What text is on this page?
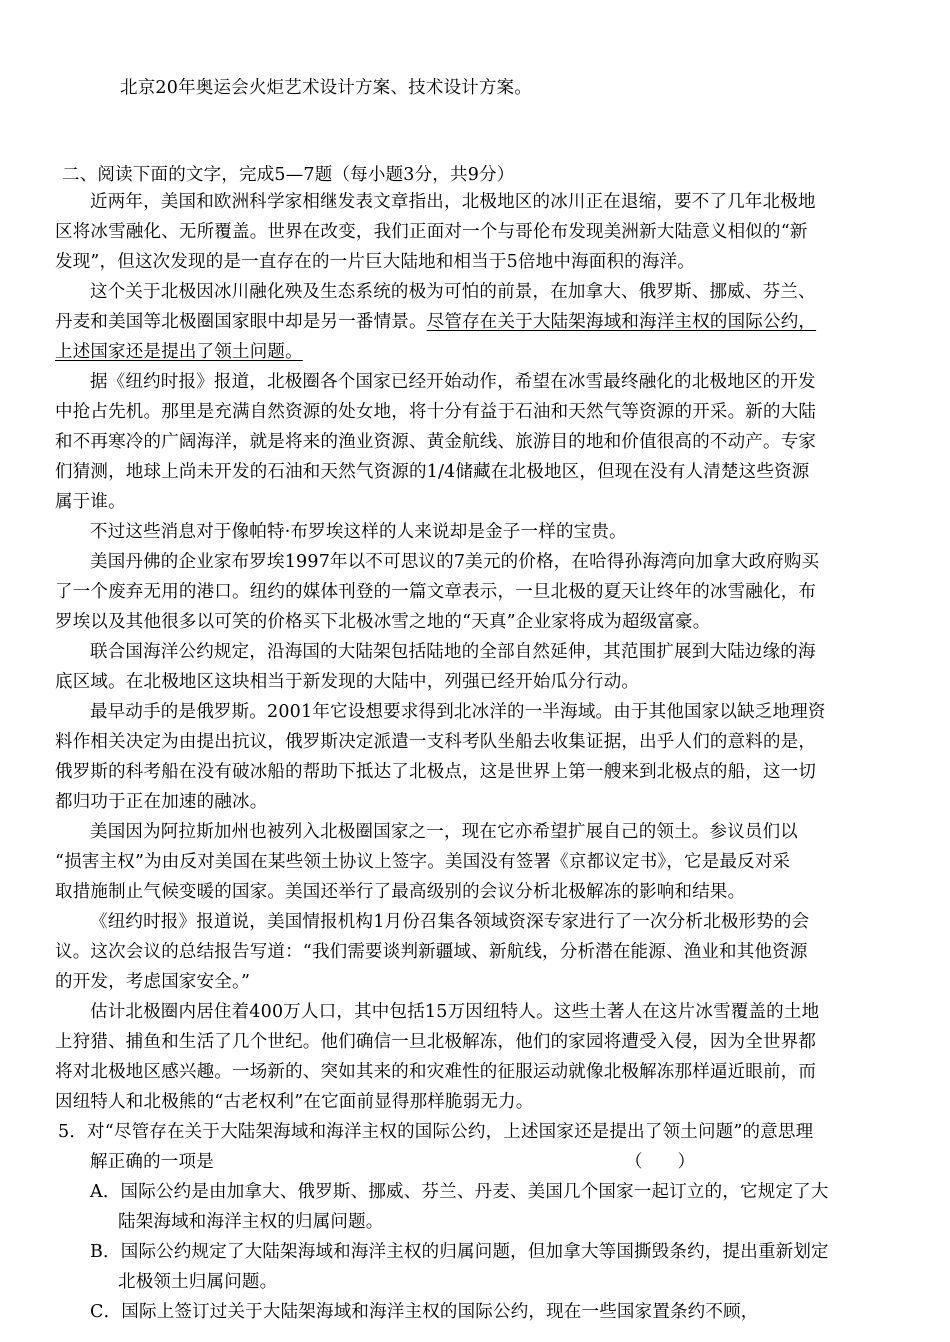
北京20年奥运会火炬艺术设计方案、技术设计方案。
二、阅读下面的文字，完成5—7题（每小题3分，共9分）
近两年，美国和欧洲科学家相继发表文章指出，北极地区的冰川正在退缩，要不了几年北极地
区将冰雪融化、无所覆盖。世界在改变，我们正面对一个与哥伦布发现美洲新大陆意义相似的“新
发现”，但这次发现的是一直存在的一片巨大陆地和相当于5倍地中海面积的海洋。
这个关于北极因冰川融化殃及生态系统的极为可怕的前景，在加拿大、俄罗斯、挪威、芬兰、
丹麦和美国等北极圈国家眼中却是另一番情景。尽管存在关于大陆架海域和海洋主权的国际公约，
上述国家还是提出了领土问题。
据《纽约时报》报道，北极圈各个国家已经开始动作，希望在冰雪最终融化的北极地区的开发
中抢占先机。那里是充满自然资源的处女地，将十分有益于石油和天然气等资源的开采。新的大陆
和不再寒冷的广阔海洋，就是将来的渔业资源、黄金航线、旅游目的地和价值很高的不动产。专家
们猜测，地球上尚未开发的石油和天然气资源的1/4储藏在北极地区，但现在没有人清楚这些资源
属于谁。
不过这些消息对于像帕特·布罗埃这样的人来说却是金子一样的宝贵。
美国丹佛的企业家布罗埃1997年以不可思议的7美元的价格，在哈得孙海湾向加拿大政府购买
了一个废弃无用的港口。纽约的媒体刊登的一篇文章表示，一旦北极的夏天让终年的冰雪融化，布
罗埃以及其他很多以可笑的价格买下北极冰雪之地的“天真”企业家将成为超级富豪。
联合国海洋公约规定，沿海国的大陆架包括陆地的全部自然延伸，其范围扩展到大陆边缘的海
底区域。在北极地区这块相当于新发现的大陆中，列强已经开始瓜分行动。
最早动手的是俄罗斯。2001年它设想要求得到北冰洋的一半海域。由于其他国家以缺乏地理资
料作相关决定为由提出抗议，俄罗斯决定派遣一支科考队坐船去收集证据，出乎人们的意料的是，
俄罗斯的科考船在没有破冰船的帮助下抵达了北极点，这是世界上第一艘来到北极点的船，这一切
都归功于正在加速的融冰。
美国因为阿拉斯加州也被列入北极圈国家之一，现在它亦希望扩展自己的领土。参议员们以
“损害主权”为由反对美国在某些领土协议上签字。美国没有签署《京都议定书》，它是最反对采
取措施制止气候变暖的国家。美国还举行了最高级别的会议分析北极解冻的影响和结果。
《纽约时报》报道说，美国情报机构1月份召集各领域资深专家进行了一次分析北极形势的会
议。这次会议的总结报告写道：“我们需要谈判新疆域、新航线，分析潜在能源、渔业和其他资源
的开发，考虑国家安全。”
估计北极圈内居住着400万人口，其中包括15万因纽特人。这些土著人在这片冰雪覆盖的土地
上狩猎、捕鱼和生活了几个世纪。他们确信一旦北极解冻，他们的家园将遭受入侵，因为全世界都
将对北极地区感兴趣。一场新的、突如其来的和灾难性的征服运动就像北极解冻那样逼近眼前，而
因纽特人和北极熊的“古老权利”在它面前显得那样脆弱无力。
5．对“尽管存在关于大陆架海域和海洋主权的国际公约，上述国家还是提出了领土问题”的意思理
解正确的一项是	（　　）
A．国际公约是由加拿大、俄罗斯、挪威、芬兰、丹麦、美国几个国家一起订立的，它规定了大
陆架海域和海洋主权的归属问题。
B．国际公约规定了大陆架海域和海洋主权的归属问题，但加拿大等国撕毁条约，提出重新划定
北极领土归属问题。
C．国际上签订过关于大陆架海域和海洋主权的国际公约，现在一些国家置条约不顾，
